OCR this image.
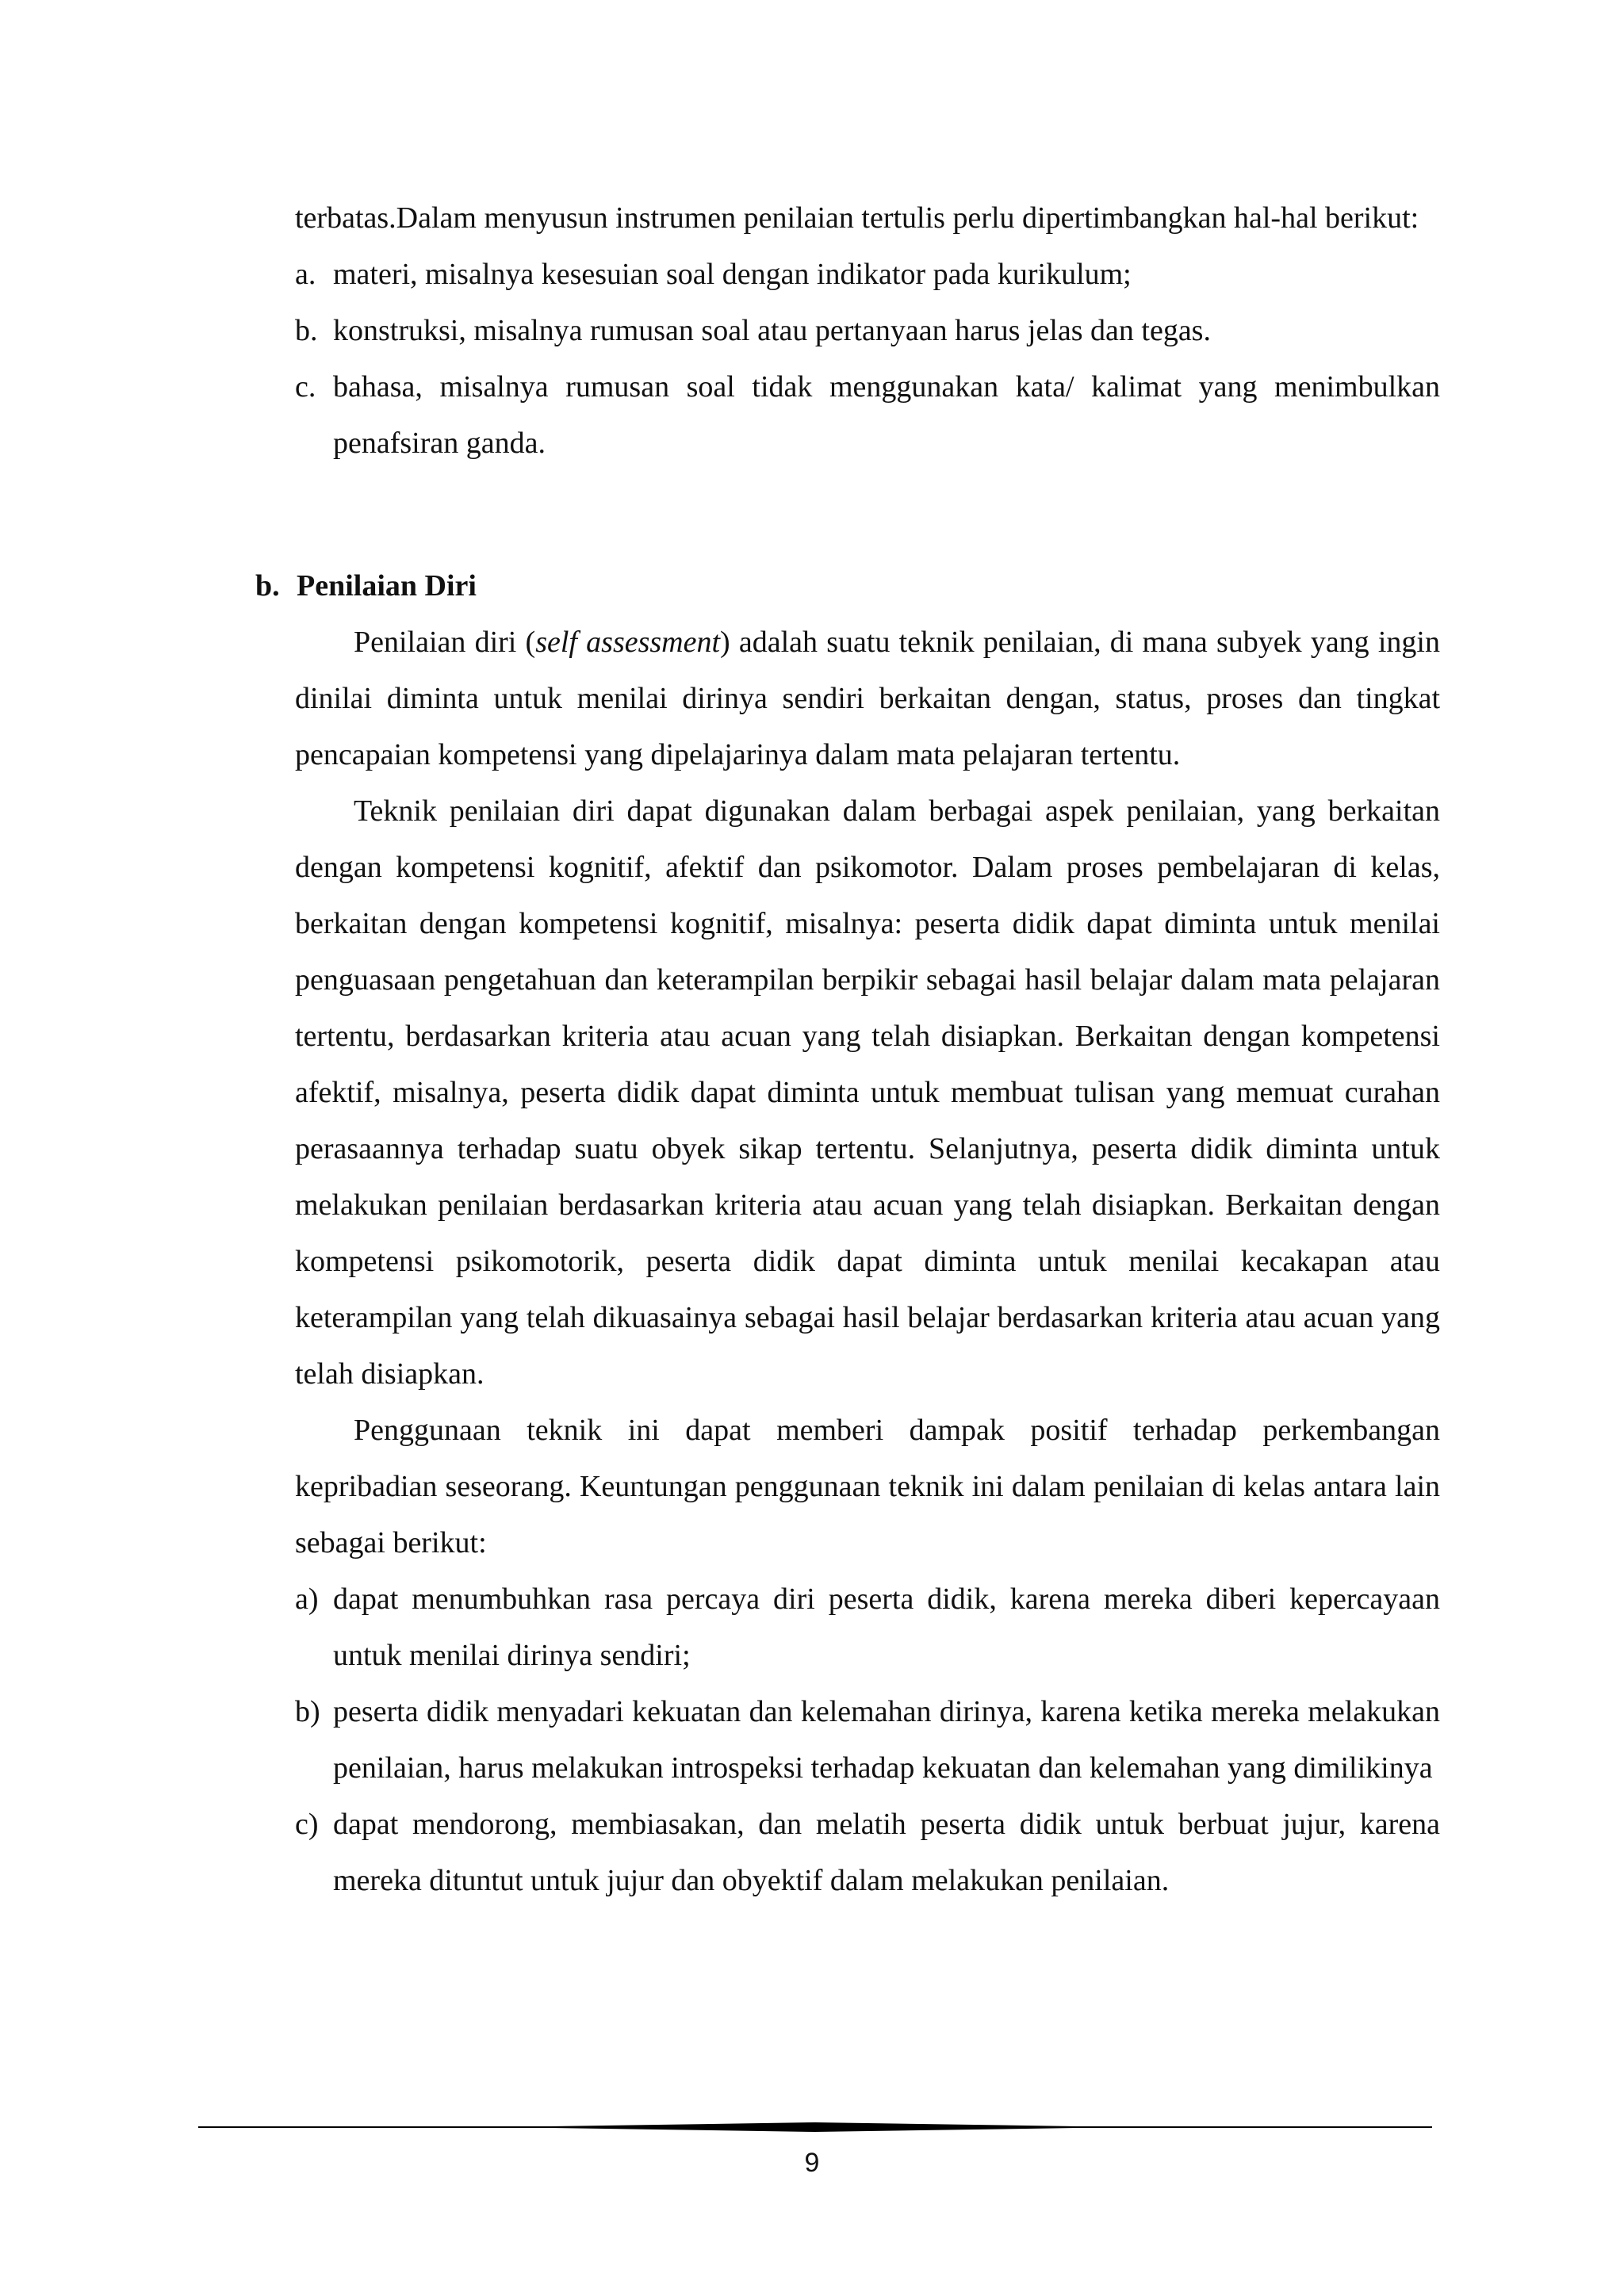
terbatas.Dalam menyusun instrumen penilaian tertulis perlu dipertimbangkan hal-hal berikut:

a. materi, misalnya kesesuian soal dengan indikator pada kurikulum;
b. konstruksi, misalnya rumusan soal atau pertanyaan harus jelas dan tegas.
c. bahasa, misalnya rumusan soal tidak menggunakan kata/ kalimat yang menimbulkan penafsiran ganda.
b. Penilaian Diri

Penilaian diri (self assessment) adalah suatu teknik penilaian, di mana subyek yang ingin dinilai diminta untuk menilai dirinya sendiri berkaitan dengan, status, proses dan tingkat pencapaian kompetensi yang dipelajarinya dalam mata pelajaran tertentu.

Teknik penilaian diri dapat digunakan dalam berbagai aspek penilaian, yang berkaitan dengan kompetensi kognitif, afektif dan psikomotor. Dalam proses pembelajaran di kelas, berkaitan dengan kompetensi kognitif, misalnya: peserta didik dapat diminta untuk menilai penguasaan pengetahuan dan keterampilan berpikir sebagai hasil belajar dalam mata pelajaran tertentu, berdasarkan kriteria atau acuan yang telah disiapkan. Berkaitan dengan kompetensi afektif, misalnya, peserta didik dapat diminta untuk membuat tulisan yang memuat curahan perasaannya terhadap suatu obyek sikap tertentu. Selanjutnya, peserta didik diminta untuk melakukan penilaian berdasarkan kriteria atau acuan yang telah disiapkan. Berkaitan dengan kompetensi psikomotorik, peserta didik dapat diminta untuk menilai kecakapan atau keterampilan yang telah dikuasainya sebagai hasil belajar berdasarkan kriteria atau acuan yang telah disiapkan.

Penggunaan teknik ini dapat memberi dampak positif terhadap perkembangan kepribadian seseorang. Keuntungan penggunaan teknik ini dalam penilaian di kelas antara lain sebagai berikut:

a) dapat menumbuhkan rasa percaya diri peserta didik, karena mereka diberi kepercayaan untuk menilai dirinya sendiri;
b) peserta didik menyadari kekuatan dan kelemahan dirinya, karena ketika mereka melakukan penilaian, harus melakukan introspeksi terhadap kekuatan dan kelemahan yang dimilikinya
c) dapat mendorong, membiasakan, dan melatih peserta didik untuk berbuat jujur, karena mereka dituntut untuk jujur dan obyektif dalam melakukan penilaian.
9
